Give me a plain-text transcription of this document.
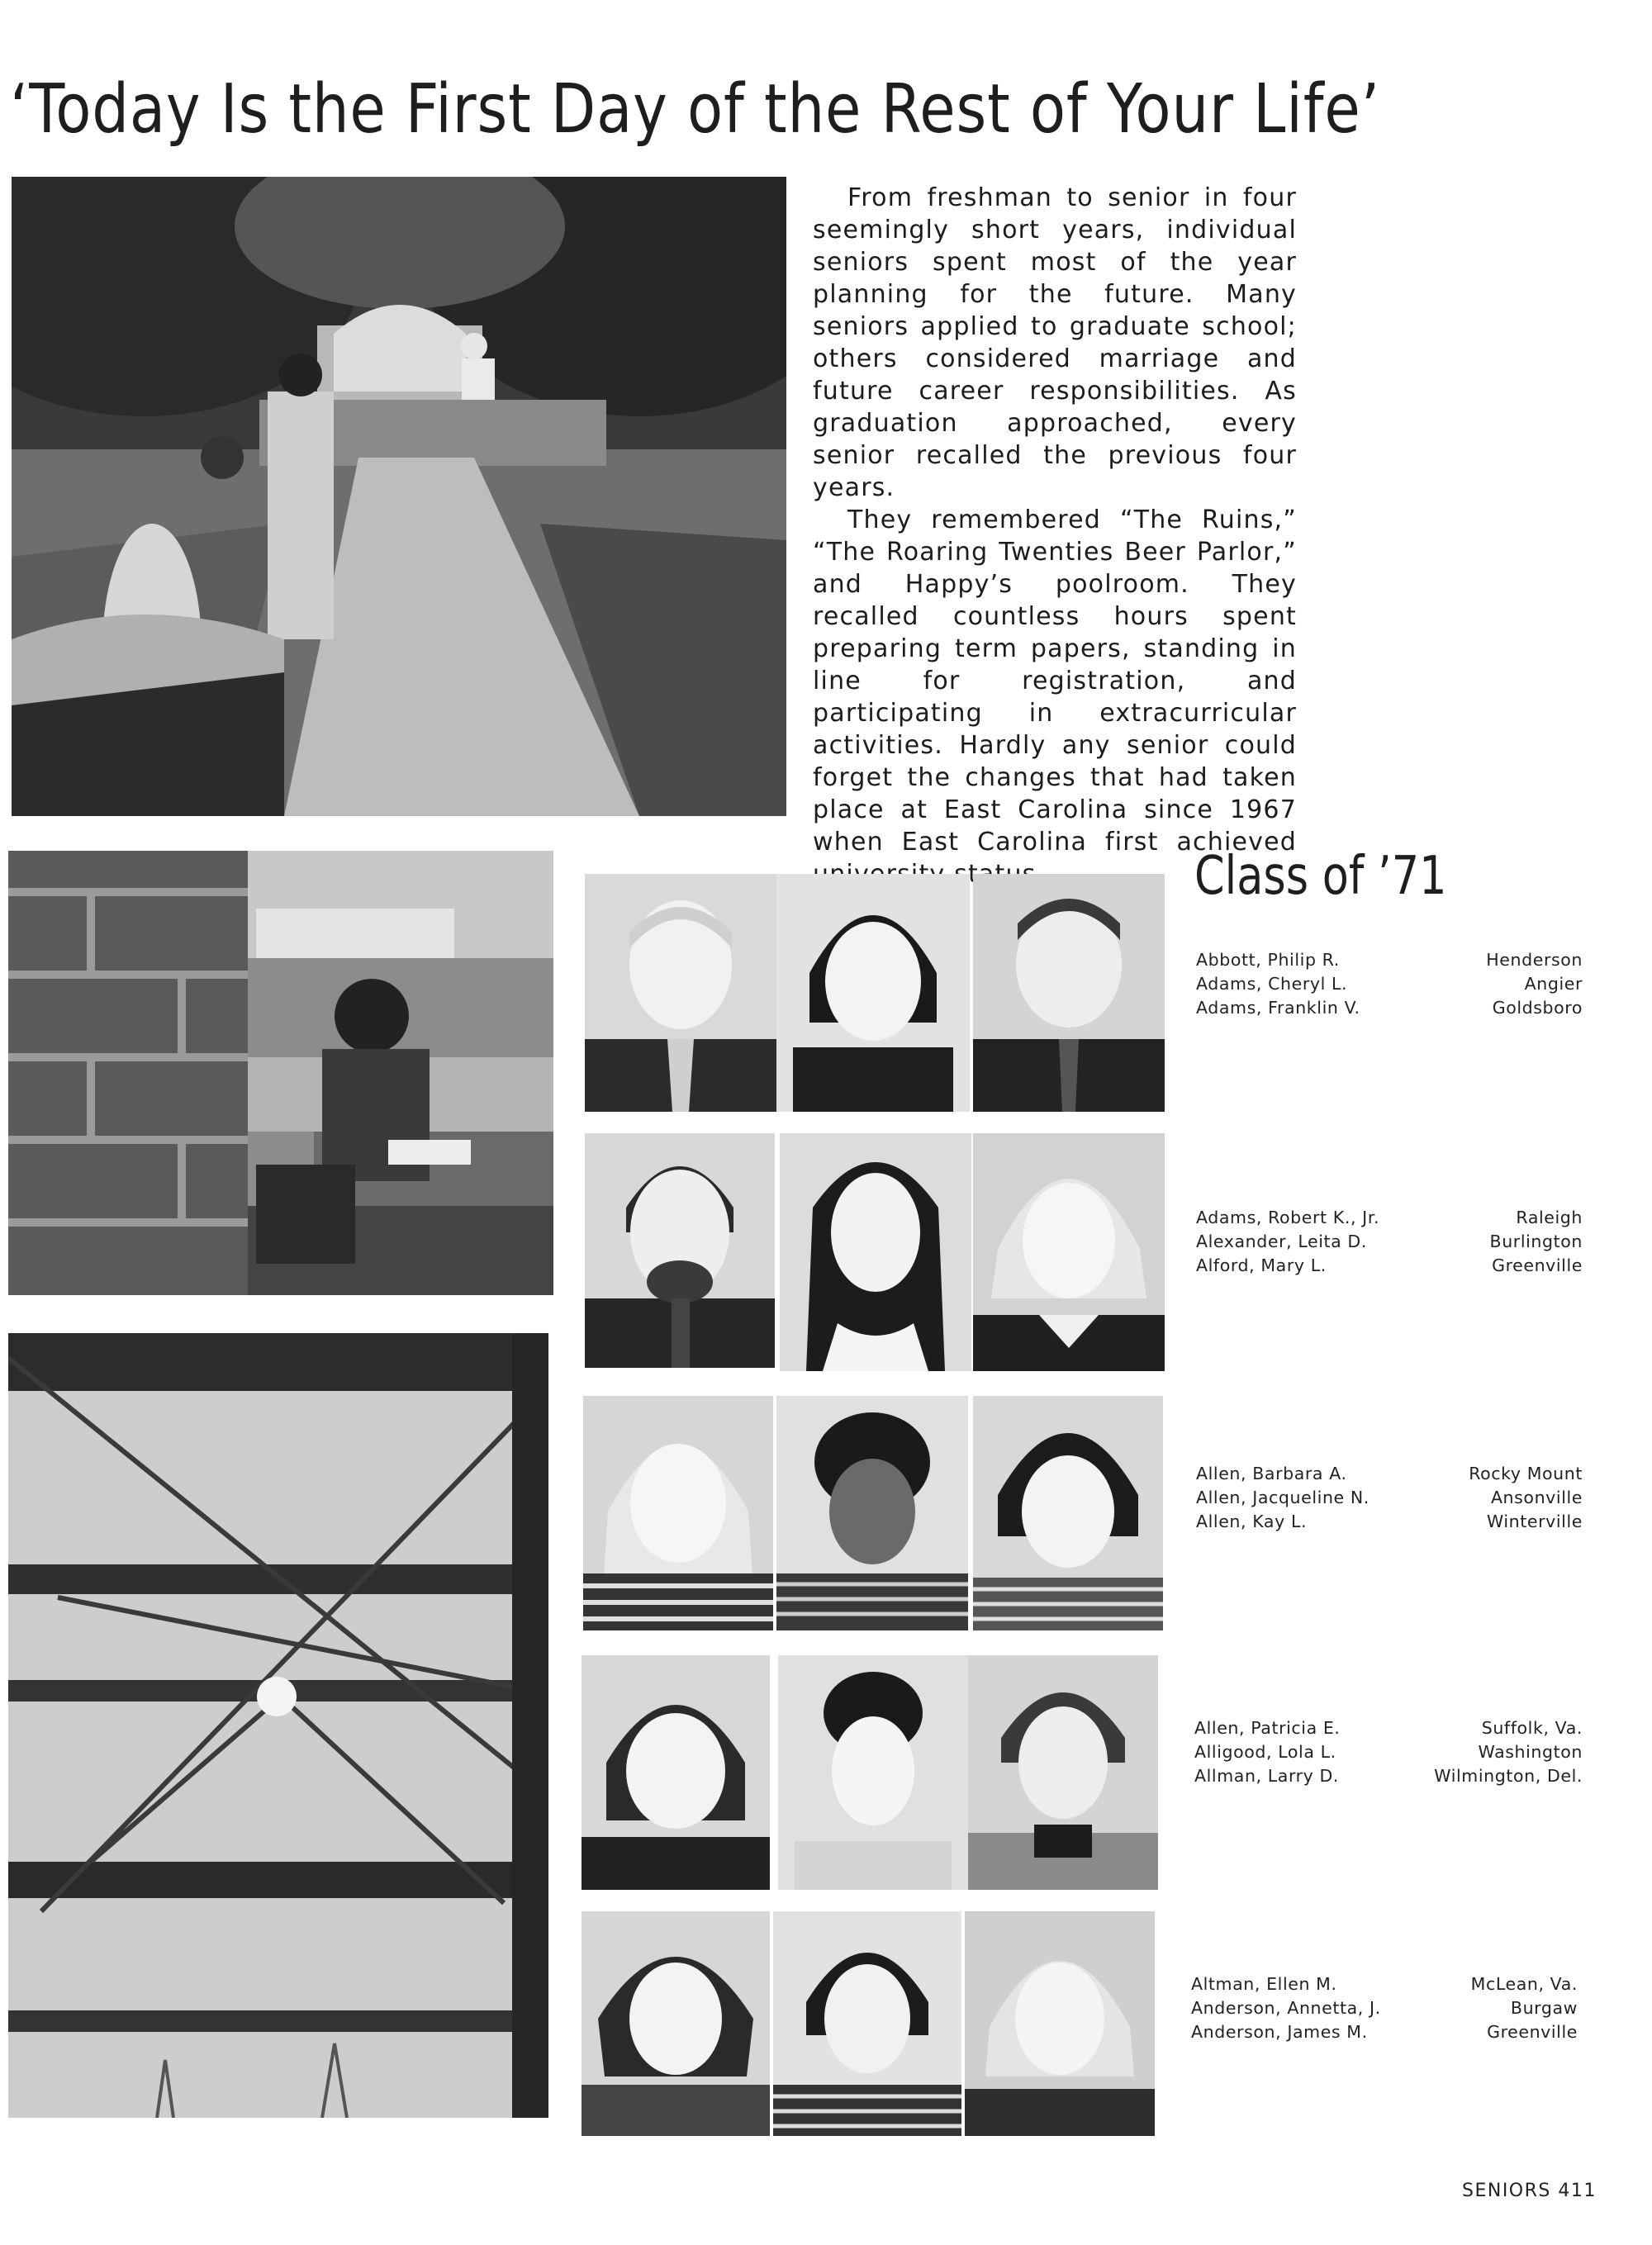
‘Today Is the First Day of the Rest of Your Life’

From freshman to senior in four seemingly short years, individual seniors spent most of the year planning for the future. Many seniors applied to graduate school; others considered marriage and future career responsibilities. As graduation approached, every senior recalled the previous four years.

They remembered “The Ruins,” “The Roaring Twenties Beer Parlor,” and Happy’s poolroom. They recalled countless hours spent preparing term papers, standing in line for registration, and participating in extracurricular activities. Hardly any senior could forget the changes that had taken place at East Carolina since 1967 when East Carolina first achieved

Class of ’71
Abbott, Philip R.
Adams, Cheryl L.
Adams, Franklin V.
Henderson
Angier
Goldsboro
Adams, Robert K., Jr.
Alexander, Leita D.
Alford, Mary L.
Raleigh
Burlington
Greenville
Allen, Barbara A.
Allen, Jacqueline N.
Allen, Kay L.
Rocky Mount
Ansonville
Winterville
Allen, Patricia E.
Alligood, Lola L.
Allman, Larry D.
Suffolk, Va.
Washington
Wilmington, Del.
Altman, Ellen M.
Anderson, Annetta, J.
Anderson, James M.
McLean, Va.
Burgaw
Greenville
SENIORS 411
